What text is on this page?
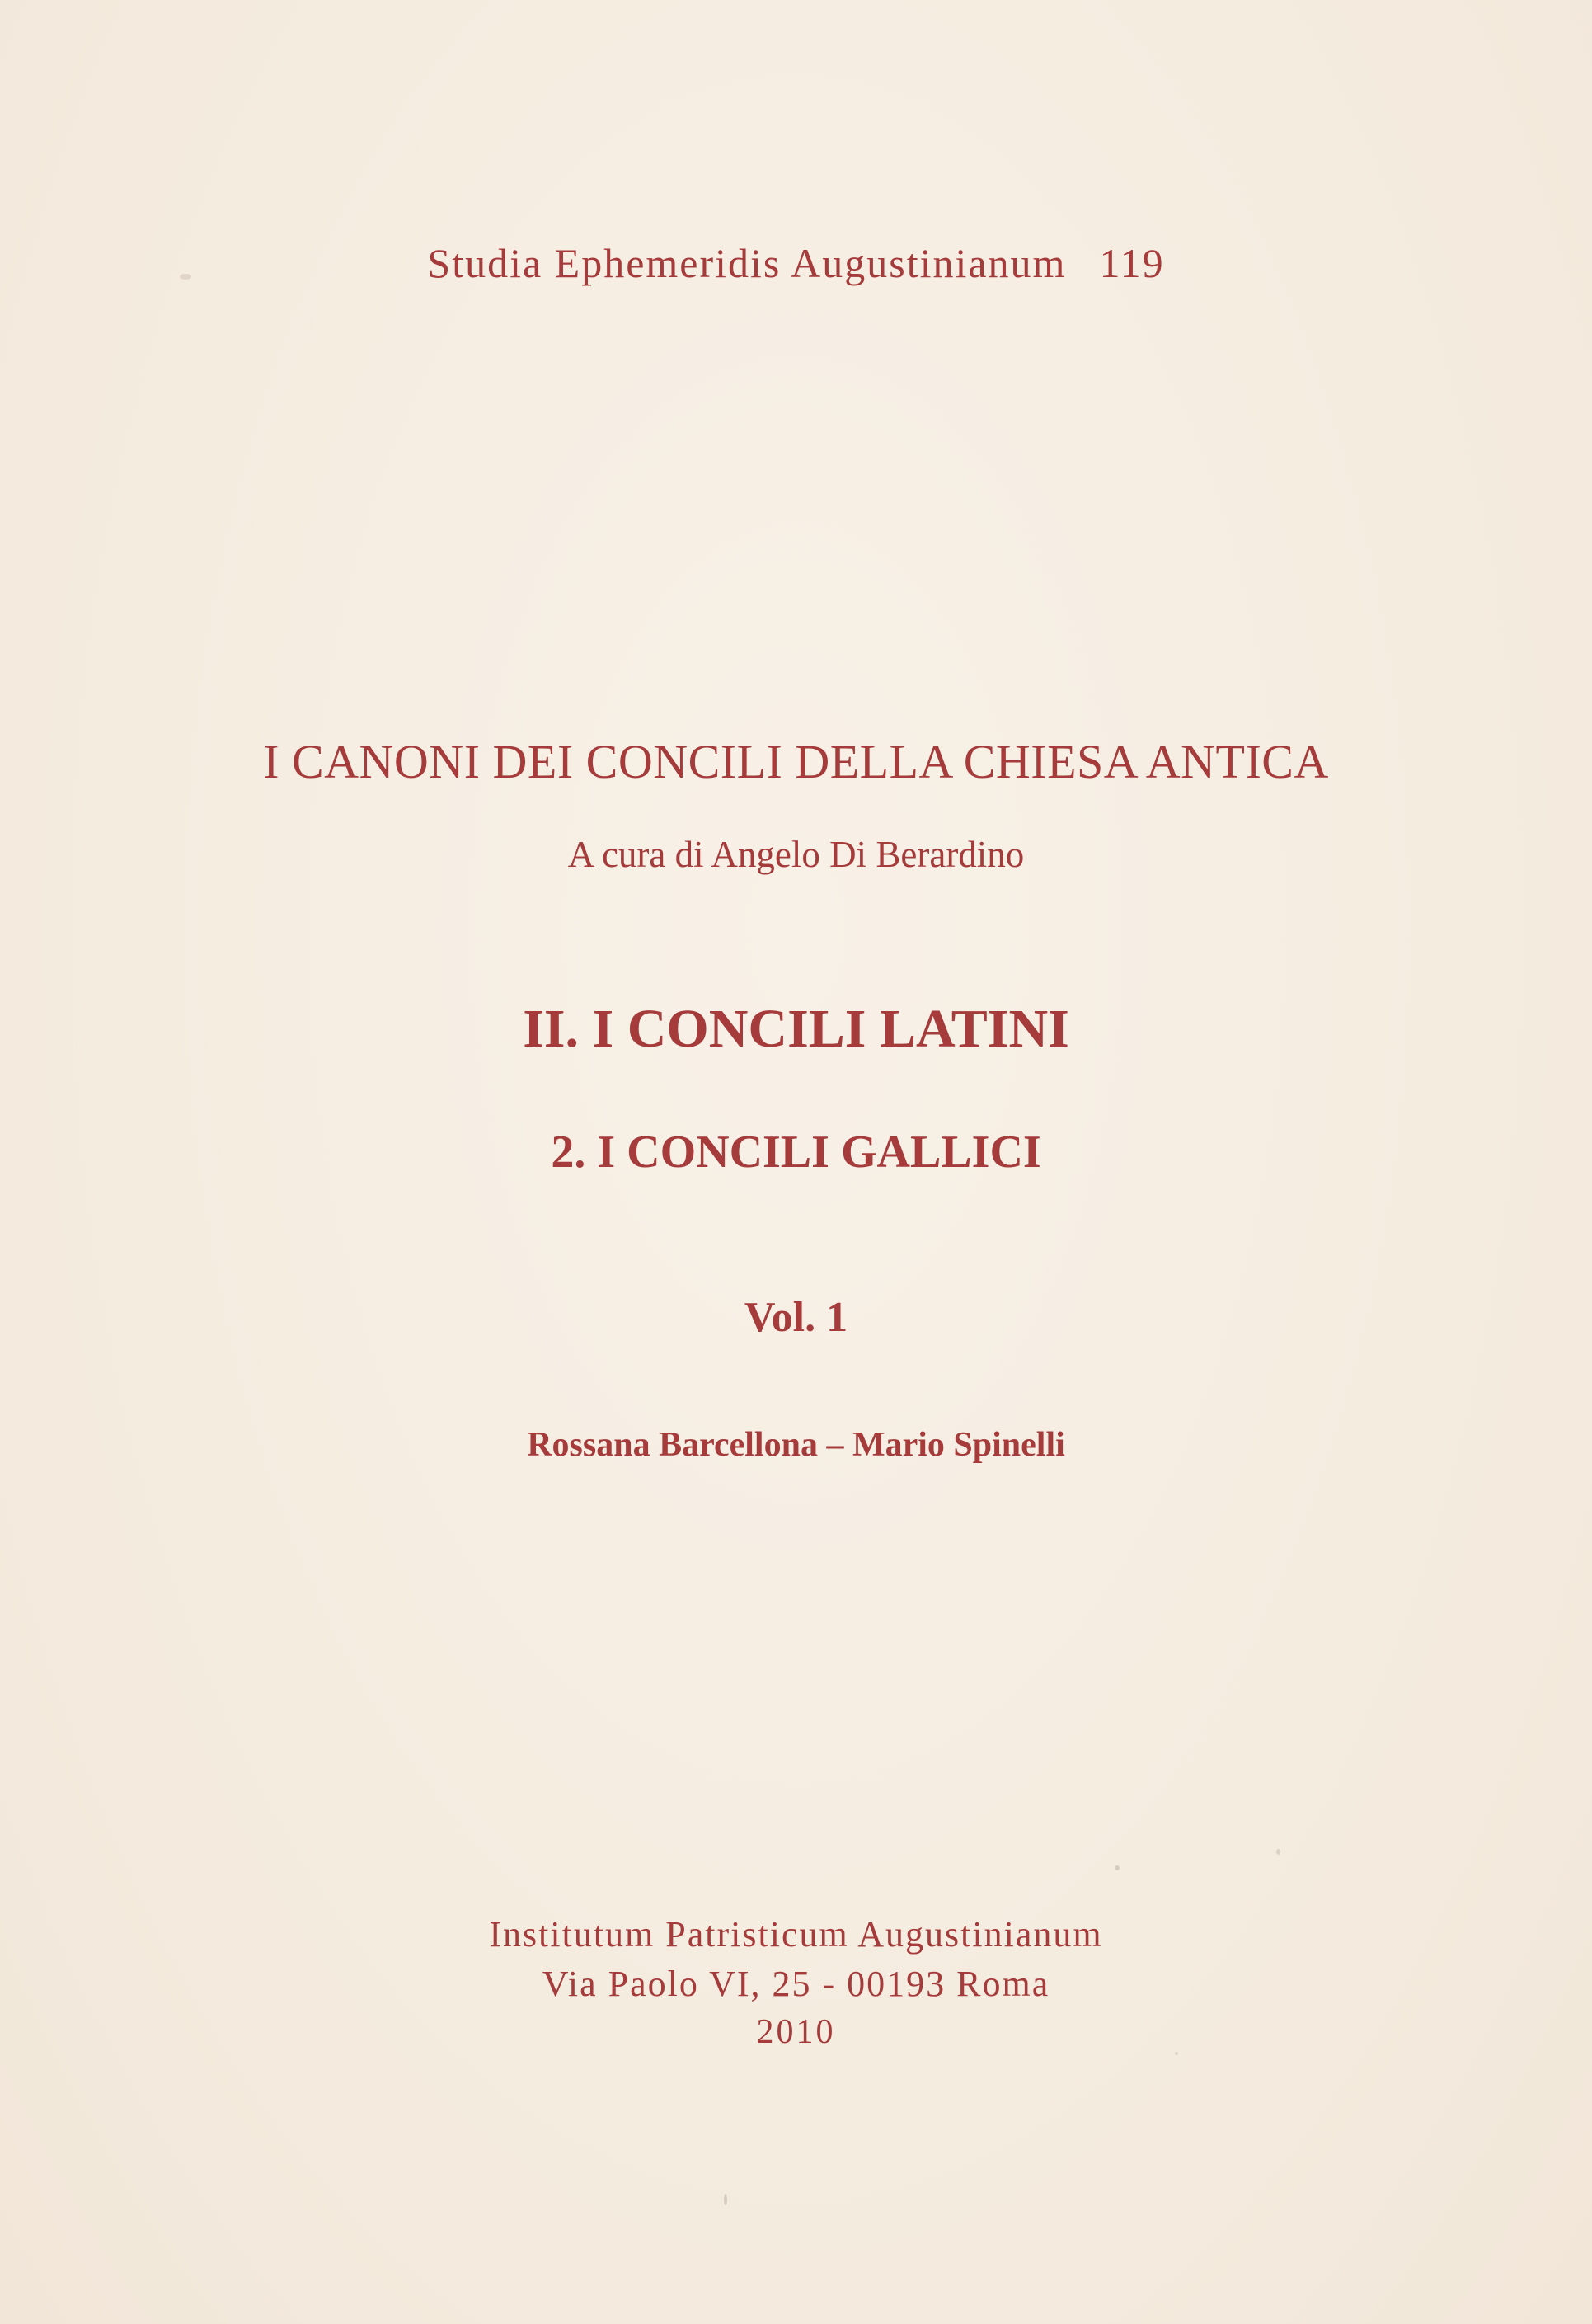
Studia Ephemeridis Augustinianum 119
I CANONI DEI CONCILI DELLA CHIESA ANTICA
A cura di Angelo Di Berardino
II. I CONCILI LATINI
2. I CONCILI GALLICI
Vol. 1
Rossana Barcellona – Mario Spinelli
Institutum Patristicum Augustinianum
Via Paolo VI, 25 - 00193 Roma
2010
